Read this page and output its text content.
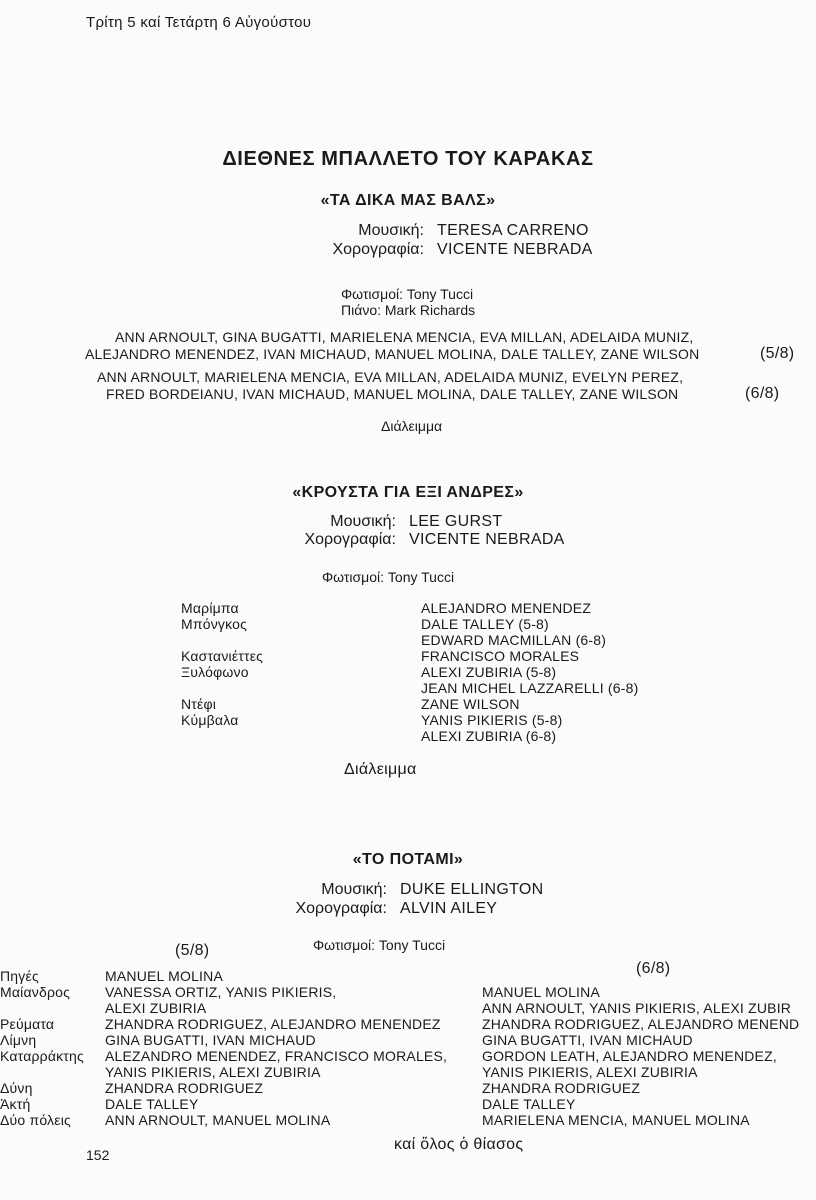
Τρίτη 5 καί Τετάρτη 6 Αὐγούστου
ΔΙΕΘΝΕΣ ΜΠΑΛΛΕΤΟ ΤΟΥ ΚΑΡΑΚΑΣ
«ΤΑ ΔΙΚΑ ΜΑΣ ΒΑΛΣ»
Μουσική: TERESA CARRENO
Χορογραφία: VICENTE NEBRADA
Φωτισμοί: Tony Tucci
Πιάνο: Mark Richards
ANN ARNOULT, GINA BUGATTI, MARIELENA MENCIA, EVA MILLAN, ADELAIDA MUNIZ,
ALEJANDRO MENENDEZ, IVAN MICHAUD, MANUEL MOLINA, DALE TALLEY, ZANE WILSON	(5/8)
ANN ARNOULT, MARIELENA MENCIA, EVA MILLAN, ADELAIDA MUNIZ, EVELYN PEREZ,
FRED BORDEIANU, IVAN MICHAUD, MANUEL MOLINA, DALE TALLEY, ZANE WILSON	(6/8)
Διάλειμμα
«ΚΡΟΥΣΤΑ ΓΙΑ ΕΞΙ ΑΝΔΡΕΣ»
Μουσική: LEE GURST
Χορογραφία: VICENTE NEBRADA
Φωτισμοί: Tony Tucci
Μαρίμπα
Μπόνγκος
Καστανιέττες
Ξυλόφωνο
Ντέφι
Κύμβαλα
ALEJANDRO MENENDEZ
DALE TALLEY (5-8)
EDWARD MACMILLAN (6-8)
FRANCISCO MORALES
ALEXI ZUBIRIA (5-8)
JEAN MICHEL LAZZARELLI (6-8)
ZANE WILSON
YANIS PIKIERIS (5-8)
ALEXI ZUBIRIA (6-8)
Διάλειμμα
«ΤΟ ΠΟΤΑΜΙ»
Μουσική: DUKE ELLINGTON
Χορογραφία: ALVIN AILEY
Φωτισμοί: Tony Tucci
(5/8)
(6/8)
Πηγές
Μαίανδρος
Ρεύματα
Λίμνη
Καταρράκτης
Δύνη
Ἀκτή
Δύο πόλεις
MANUEL MOLINA
VANESSA ORTIZ, YANIS PIKIERIS,
ALEXI ZUBIRIA
ZHANDRA RODRIGUEZ, ALEJANDRO MENENDEZ
GINA BUGATTI, IVAN MICHAUD
ALEZANDRO MENENDEZ, FRANCISCO MORALES,
YANIS PIKIERIS, ALEXI ZUBIRIA
ZHANDRA RODRIGUEZ
DALE TALLEY
ANN ARNOULT, MANUEL MOLINA
MANUEL MOLINA
ANN ARNOULT, YANIS PIKIERIS, ALEXI ZUBIR
ZHANDRA RODRIGUEZ, ALEJANDRO MENEND
GINA BUGATTI, IVAN MICHAUD
GORDON LEATH, ALEJANDRO MENENDEZ,
YANIS PIKIERIS, ALEXI ZUBIRIA
ZHANDRA RODRIGUEZ
DALE TALLEY
MARIELENA MENCIA, MANUEL MOLINA
καί ὅλος ὁ θίασος
152
